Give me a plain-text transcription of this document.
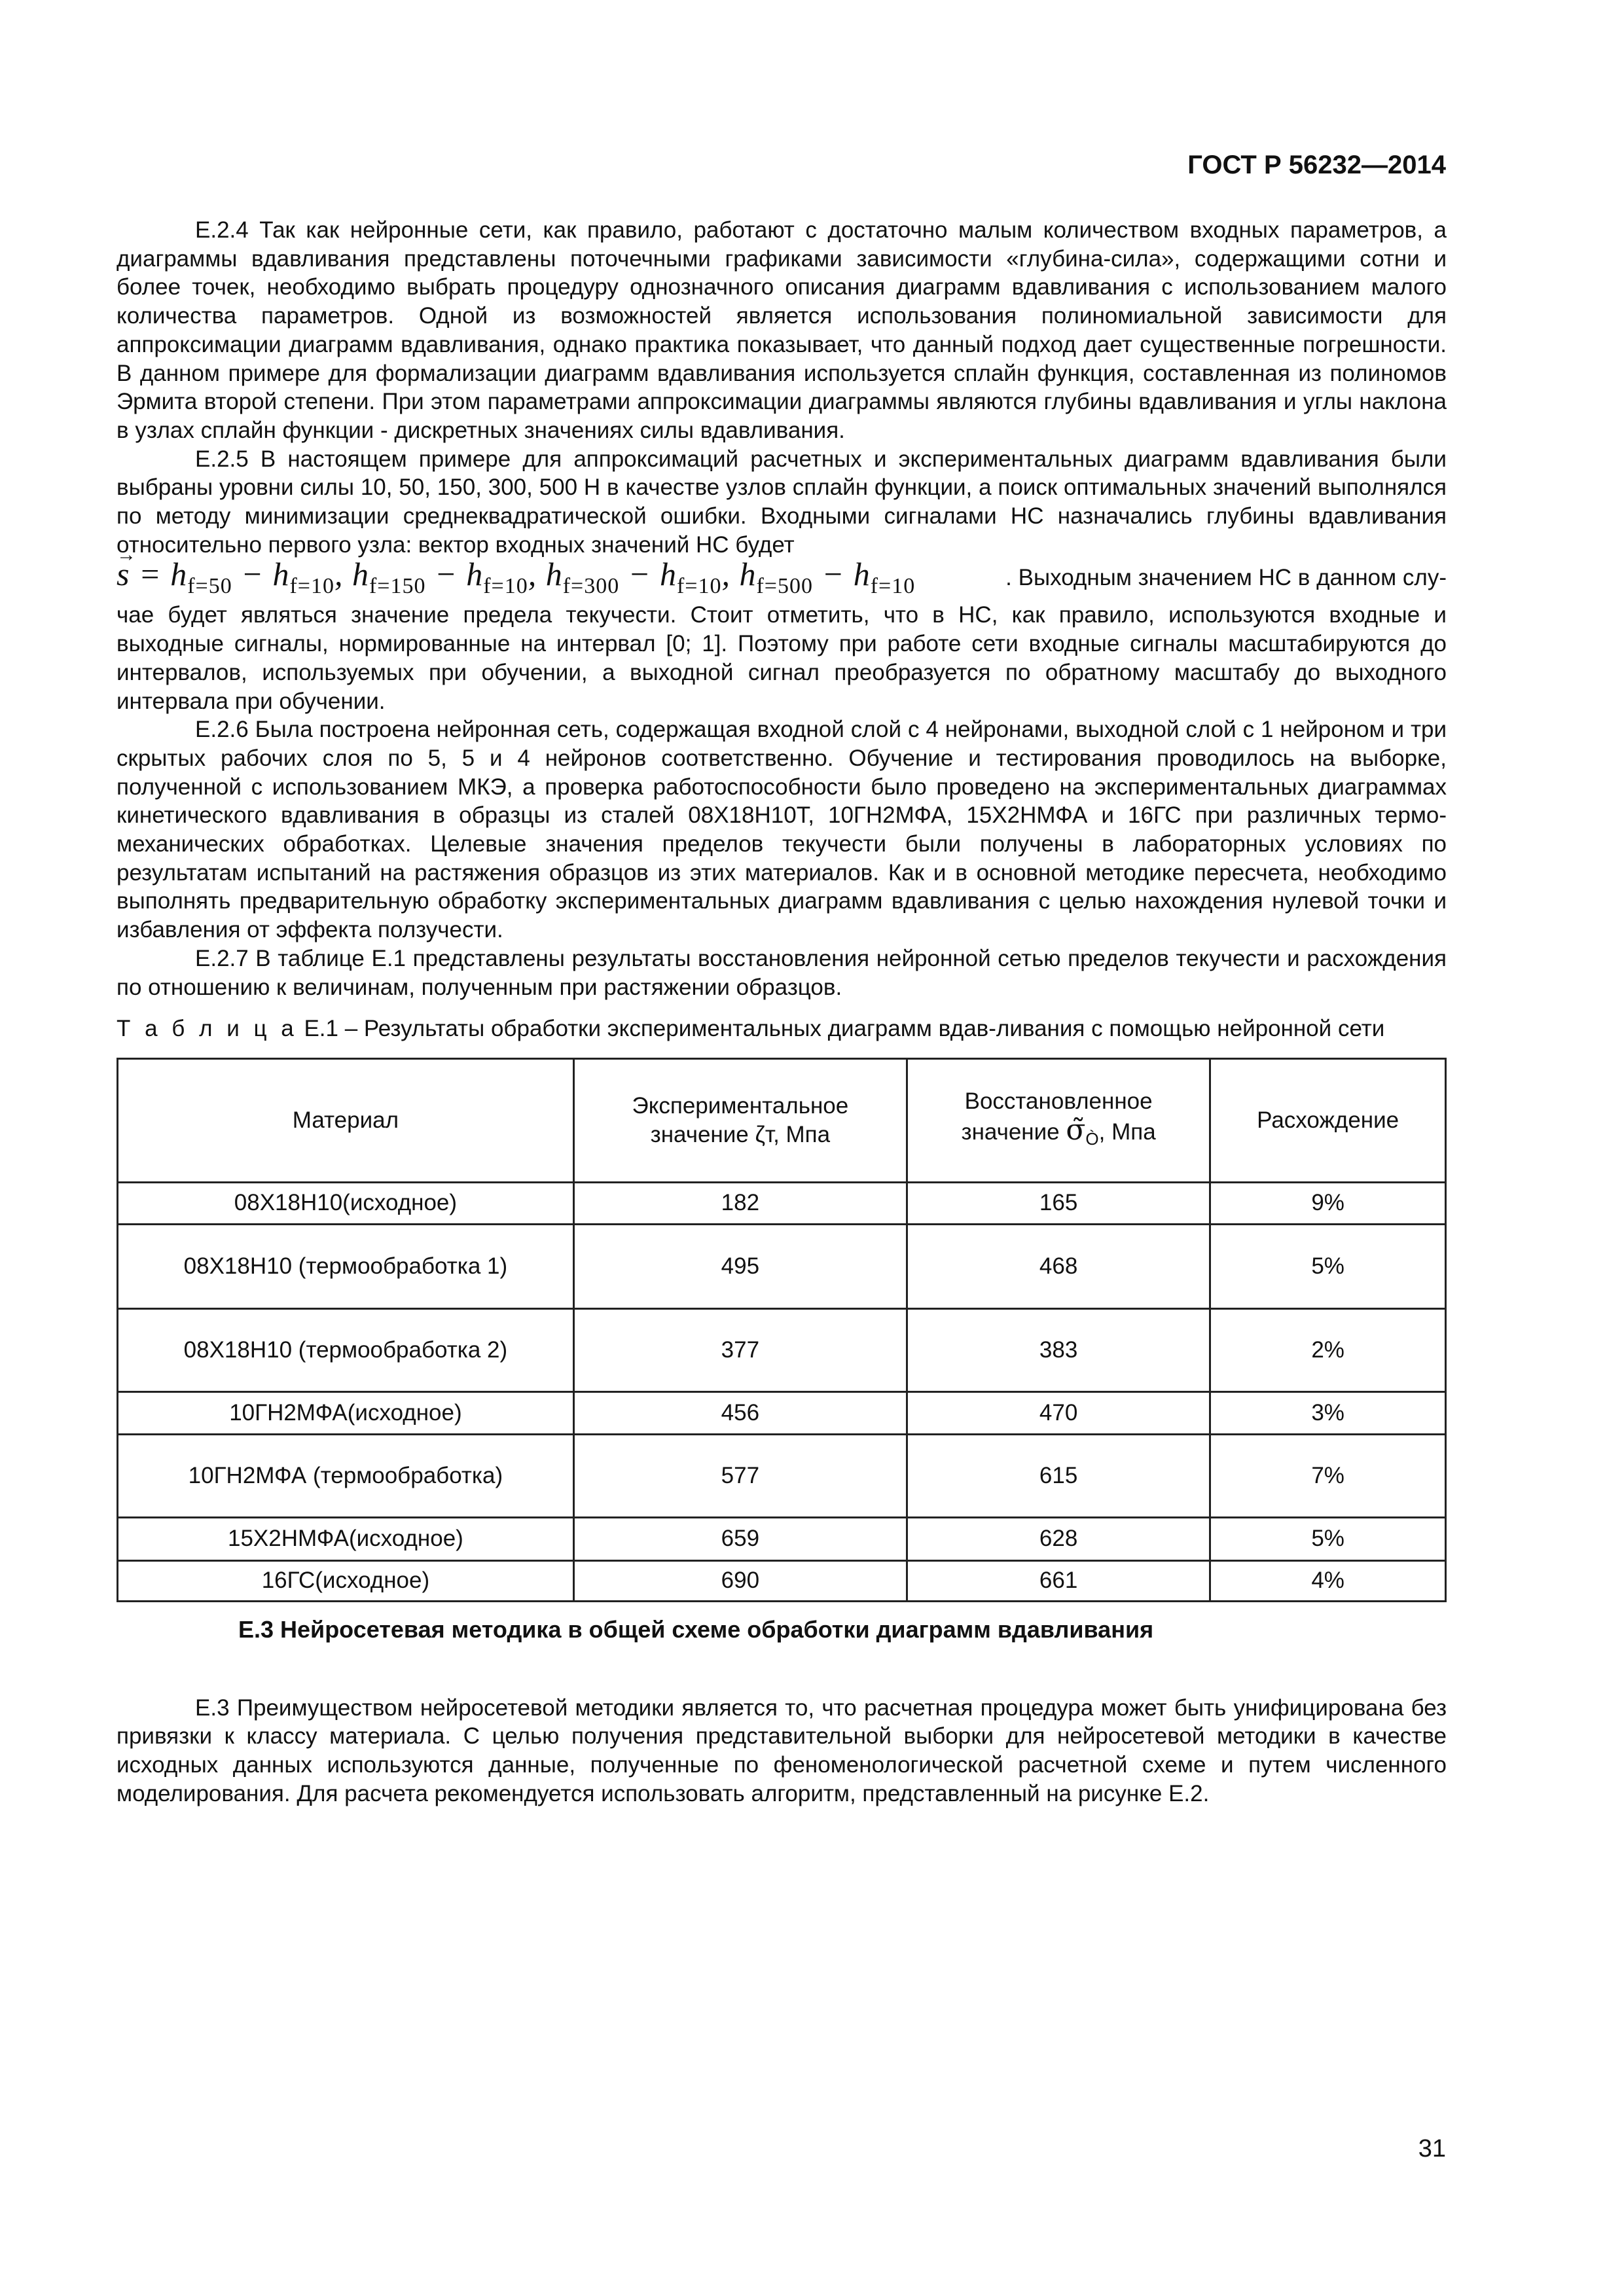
ГОСТ Р 56232—2014

Е.2.4 Так как нейронные сети, как правило, работают с достаточно малым количеством входных параметров, а диаграммы вдавливания представлены поточечными графиками зависимости «глубина-сила», содержащими сотни и более точек, необходимо выбрать процедуру однозначного описания диаграмм вдавливания с использованием малого количества параметров. Одной из возможностей является использования полиномиальной зависимости для аппроксимации диаграмм вдавливания, однако практика показывает, что данный подход дает существенные погрешности. В данном примере для формализации диаграмм вдавливания используется сплайн функция, составленная из полиномов Эрмита второй степени. При этом параметрами аппроксимации диаграммы являются глубины вдавливания и углы наклона в узлах сплайн функции - дискретных значениях силы вдавливания.

Е.2.5 В настоящем примере для аппроксимаций расчетных и экспериментальных диаграмм вдавливания были выбраны уровни силы 10, 50, 150, 300, 500 Н в качестве узлов сплайн функции, а поиск оптимальных значений выполнялся по методу минимизации среднеквадратической ошибки. Входными сигналами НС назначались глубины вдавливания относительно первого узла: вектор входных значений НС будет

→ $s = h_{f=50} - h_{f=10}$, $h_{f=150} - h_{f=10}$, $h_{f=300} - h_{f=10}$, $h_{f=500} - h_{f=10}$	. Выходным значением НС в данном слу-

чае будет являться значение предела текучести. Стоит отметить, что в НС, как правило, используются входные и выходные сигналы, нормированные на интервал [0; 1]. Поэтому при работе сети входные сигналы масштабируются до интервалов, используемых при обучении, а выходной сигнал преобразуется по обратному масштабу до выходного интервала при обучении.

Е.2.6 Была построена нейронная сеть, содержащая входной слой с 4 нейронами, выходной слой с 1 нейроном и три скрытых рабочих слоя по 5, 5 и 4 нейронов соответственно. Обучение и тестирования проводилось на выборке, полученной с использованием МКЭ, а проверка работоспособности было проведено на экспериментальных диаграммах кинетического вдавливания в образцы из сталей 08Х18Н10Т, 10ГН2МФА, 15Х2НМФА и 16ГС при различных термо-механических обработках. Целевые значения пределов текучести были получены в лабораторных условиях по результатам испытаний на растяжения образцов из этих материалов. Как и в основной методике пересчета, необходимо выполнять предварительную обработку экспериментальных диаграмм вдавливания с целью нахождения нулевой точки и избавления от эффекта ползучести.

Е.2.7 В таблице Е.1 представлены результаты восстановления нейронной сетью пределов текучести и расхождения по отношению к величинам, полученным при растяжении образцов.

Т а б л и ц а Е.1 – Результаты обработки экспериментальных диаграмм вдав-ливания с помощью нейронной сети
Материал	Экспериментальное значение ζт, Мпа	Восстановленное значение $\sigmã_Ò$, Мпа	Расхождение
08Х18Н10(исходное)	182	165	9%
08Х18Н10 (термообработка 1)	495	468	5%
08Х18Н10 (термообработка 2)	377	383	2%
10ГН2МФА(исходное)	456	470	3%
10ГН2МФА (термообработка)	577	615	7%
15Х2НМФА(исходное)	659	628	5%
16ГС(исходное)	690	661	4%
Е.3 Нейросетевая методика в общей схеме обработки диаграмм вдавливания

Е.3 Преимуществом нейросетевой методики является то, что расчетная процедура может быть унифицирована без привязки к классу материала. С целью получения представительной выборки для нейросетевой методики в качестве исходных данных используются данные, полученные по феноменологической расчетной схеме и путем численного моделирования. Для расчета рекомендуется использовать алгоритм, представленный на рисунке Е.2.

31
